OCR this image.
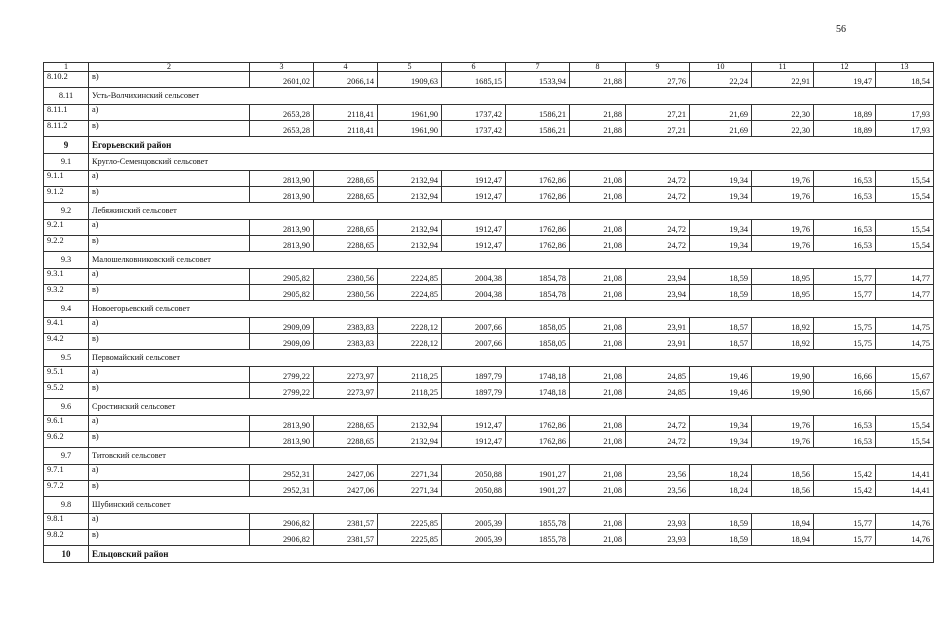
56
1	2	3	4	5	6	7	8	9	10	11	12	13
8.10.2	в)	2601,02	2066,14	1909,63	1685,15	1533,94	21,88	27,76	22,24	22,91	19,47	18,54
8.11	Усть-Волчихинский сельсовет											
8.11.1	а)	2653,28	2118,41	1961,90	1737,42	1586,21	21,88	27,21	21,69	22,30	18,89	17,93
8.11.2	в)	2653,28	2118,41	1961,90	1737,42	1586,21	21,88	27,21	21,69	22,30	18,89	17,93
9	Егорьевский район											
9.1	Кругло-Семенцовский сельсовет											
9.1.1	а)	2813,90	2288,65	2132,94	1912,47	1762,86	21,08	24,72	19,34	19,76	16,53	15,54
9.1.2	в)	2813,90	2288,65	2132,94	1912,47	1762,86	21,08	24,72	19,34	19,76	16,53	15,54
9.2	Лебяжинский сельсовет											
9.2.1	а)	2813,90	2288,65	2132,94	1912,47	1762,86	21,08	24,72	19,34	19,76	16,53	15,54
9.2.2	в)	2813,90	2288,65	2132,94	1912,47	1762,86	21,08	24,72	19,34	19,76	16,53	15,54
9.3	Малошелковниковский сельсовет											
9.3.1	а)	2905,82	2380,56	2224,85	2004,38	1854,78	21,08	23,94	18,59	18,95	15,77	14,77
9.3.2	в)	2905,82	2380,56	2224,85	2004,38	1854,78	21,08	23,94	18,59	18,95	15,77	14,77
9.4	Новоегорьевский сельсовет											
9.4.1	а)	2909,09	2383,83	2228,12	2007,66	1858,05	21,08	23,91	18,57	18,92	15,75	14,75
9.4.2	в)	2909,09	2383,83	2228,12	2007,66	1858,05	21,08	23,91	18,57	18,92	15,75	14,75
9.5	Первомайский сельсовет											
9.5.1	а)	2799,22	2273,97	2118,25	1897,79	1748,18	21,08	24,85	19,46	19,90	16,66	15,67
9.5.2	в)	2799,22	2273,97	2118,25	1897,79	1748,18	21,08	24,85	19,46	19,90	16,66	15,67
9.6	Сростинский сельсовет											
9.6.1	а)	2813,90	2288,65	2132,94	1912,47	1762,86	21,08	24,72	19,34	19,76	16,53	15,54
9.6.2	в)	2813,90	2288,65	2132,94	1912,47	1762,86	21,08	24,72	19,34	19,76	16,53	15,54
9.7	Титовский сельсовет											
9.7.1	а)	2952,31	2427,06	2271,34	2050,88	1901,27	21,08	23,56	18,24	18,56	15,42	14,41
9.7.2	в)	2952,31	2427,06	2271,34	2050,88	1901,27	21,08	23,56	18,24	18,56	15,42	14,41
9.8	Шубинский сельсовет											
9.8.1	а)	2906,82	2381,57	2225,85	2005,39	1855,78	21,08	23,93	18,59	18,94	15,77	14,76
9.8.2	в)	2906,82	2381,57	2225,85	2005,39	1855,78	21,08	23,93	18,59	18,94	15,77	14,76
10	Ельцовский район											
